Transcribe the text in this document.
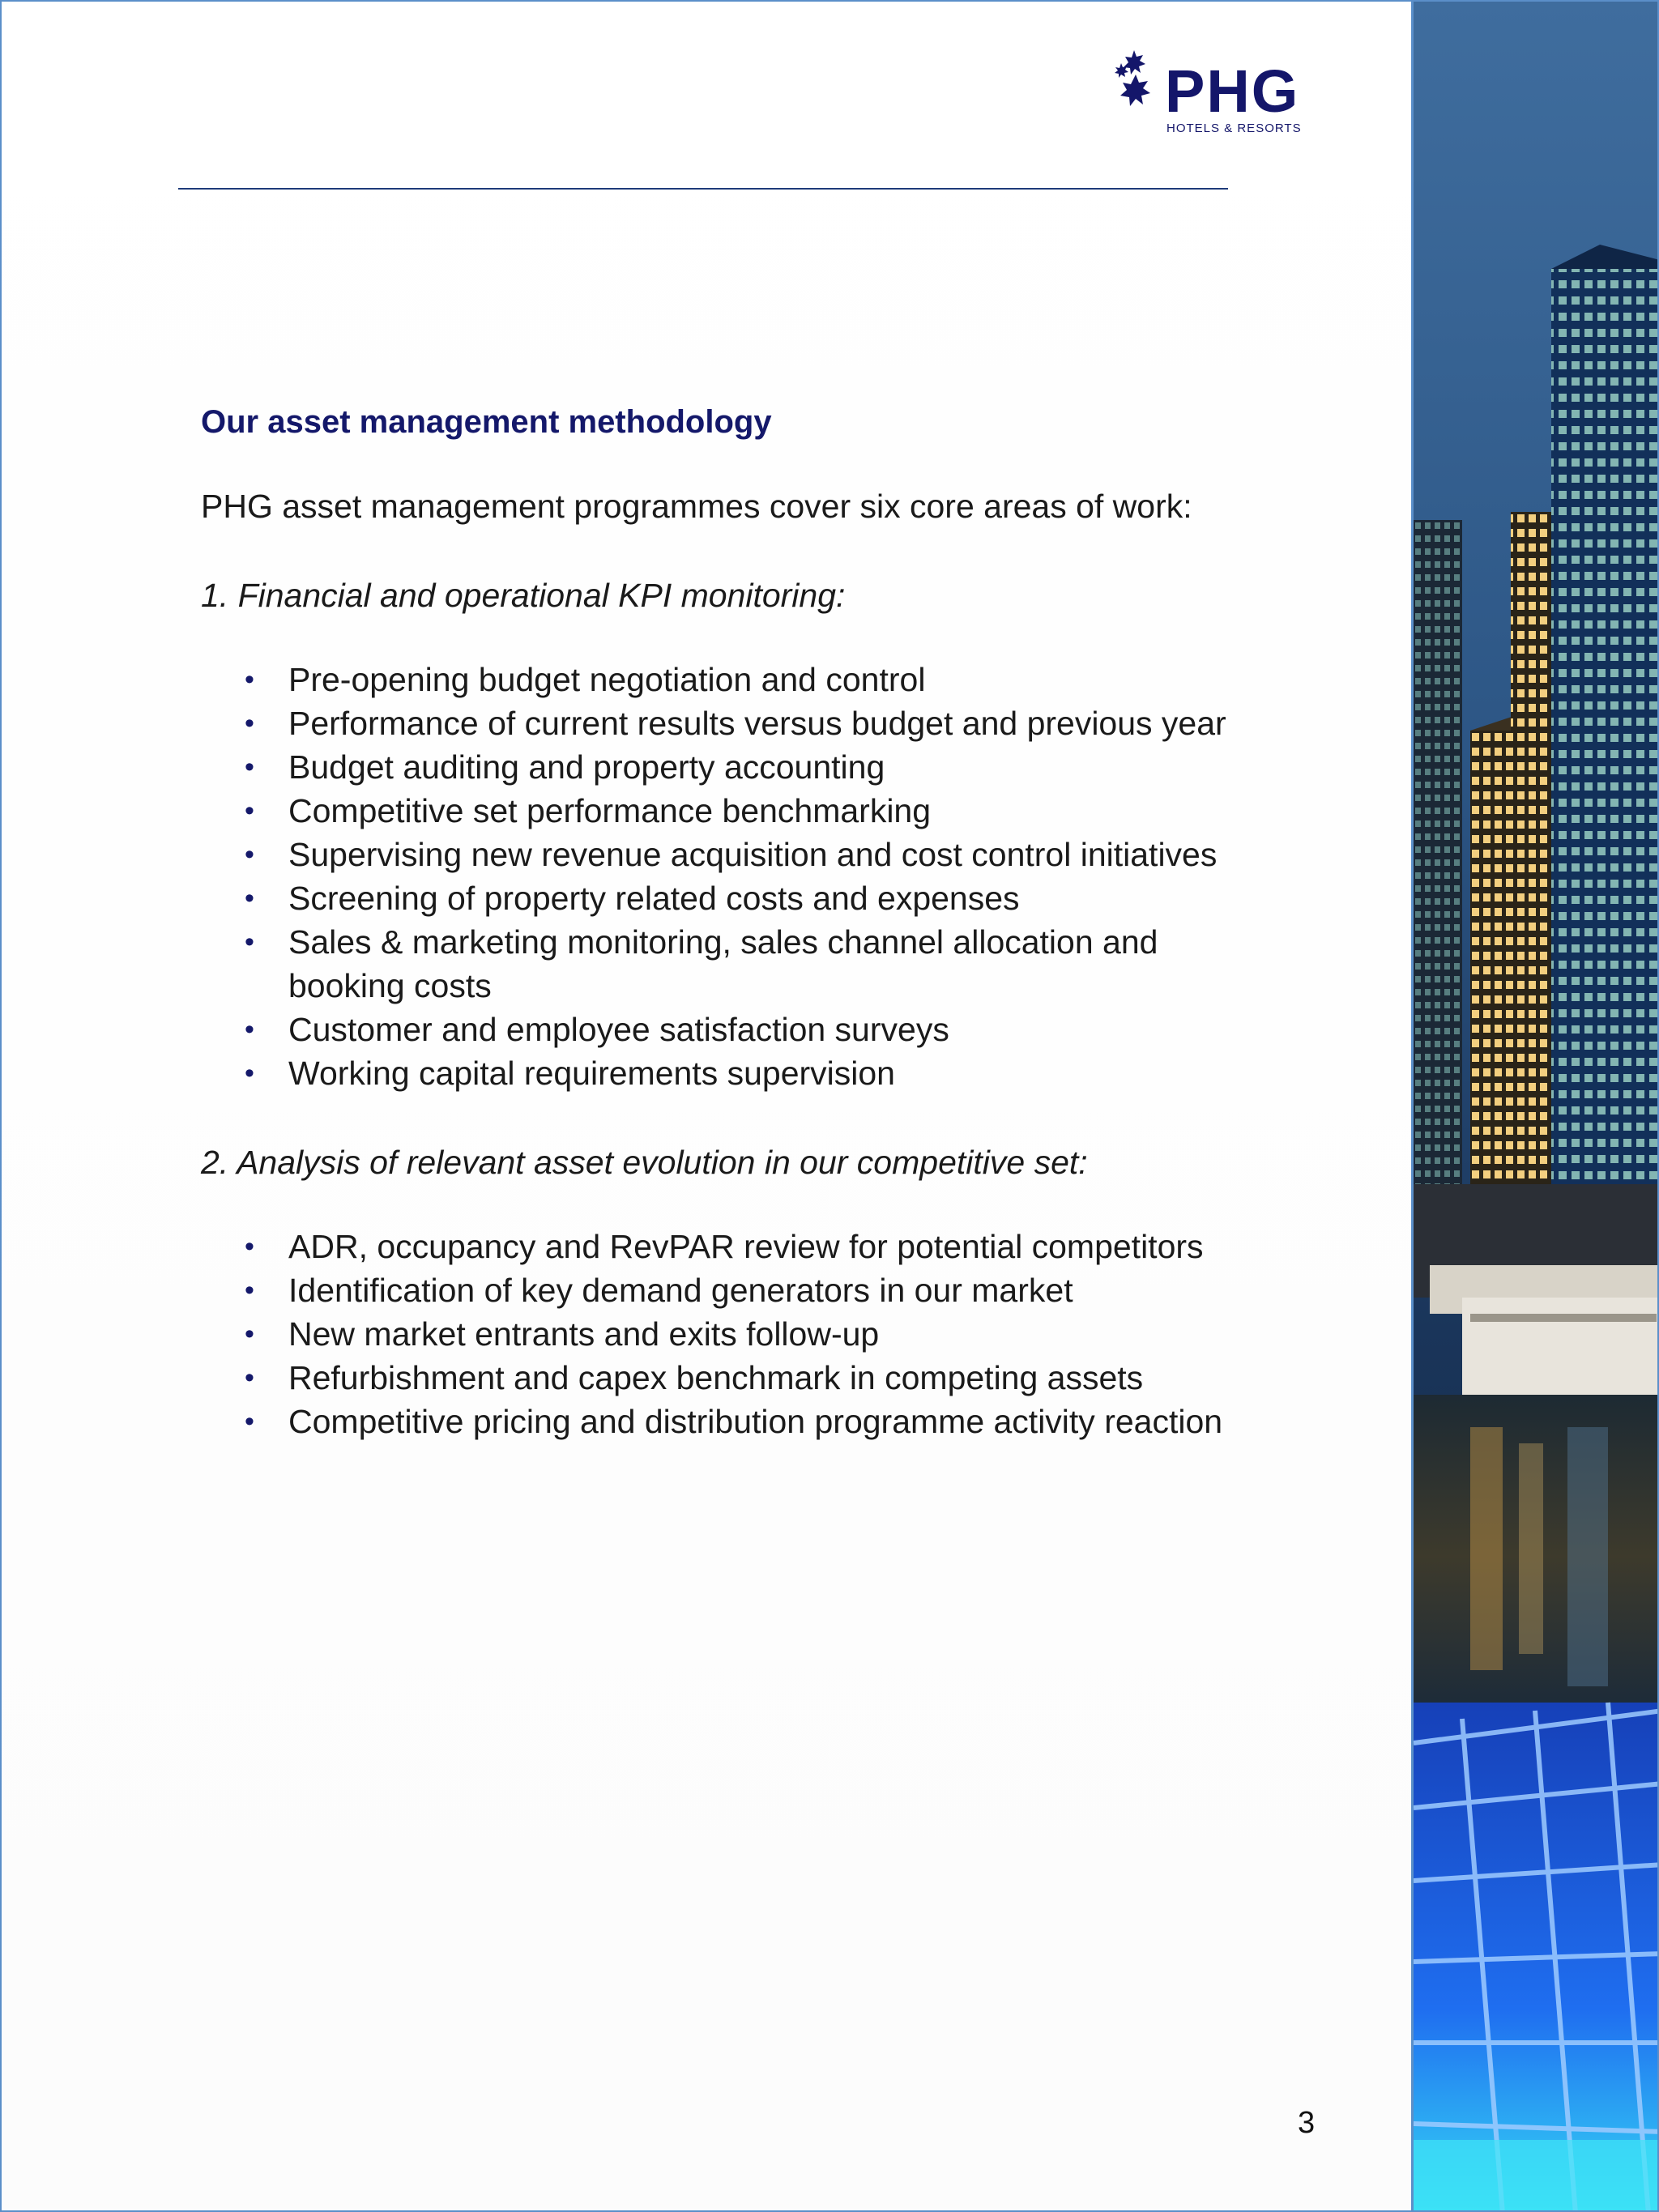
PHG
HOTELS & RESORTS
Our asset management methodology
PHG asset management programmes cover six core areas of work:
1. Financial and operational KPI monitoring:
• Pre-opening budget negotiation and control
• Performance of current results versus budget and previous year
• Budget auditing and property accounting
• Competitive set performance benchmarking
• Supervising new revenue acquisition and cost control initiatives
• Screening of property related costs and expenses
• Sales & marketing monitoring, sales channel allocation and booking costs
• Customer and employee satisfaction surveys
• Working capital requirements supervision
2. Analysis of relevant asset evolution in our competitive set:
• ADR, occupancy and RevPAR review for potential competitors
• Identification of key demand generators in our market
• New market entrants and exits follow-up
• Refurbishment and capex benchmark in competing assets
• Competitive pricing and distribution programme activity reaction
3
